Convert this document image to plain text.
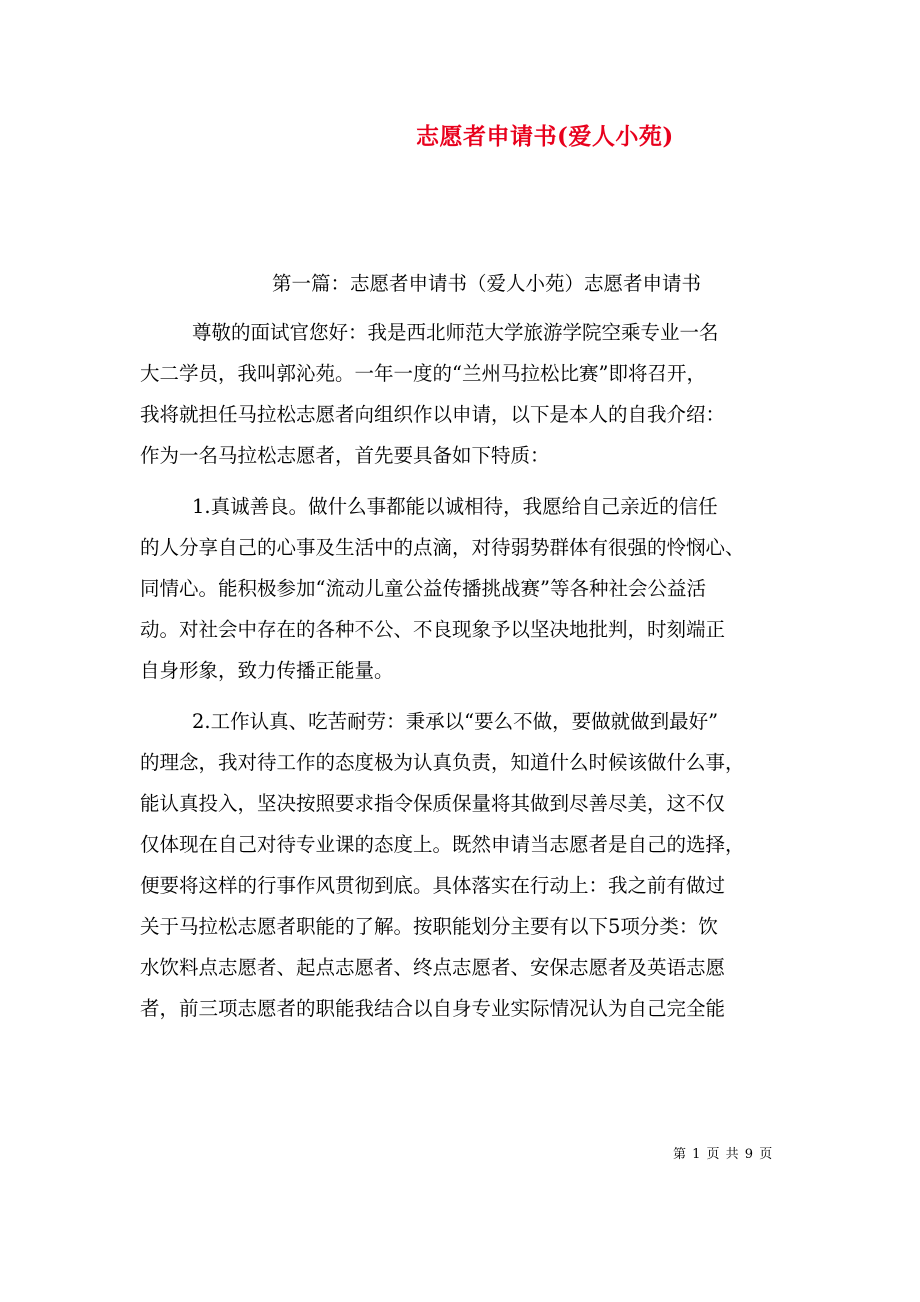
志愿者申请书(爱人小苑)
第一篇：志愿者申请书（爱人小苑）志愿者申请书
尊敬的面试官您好：我是西北师范大学旅游学院空乘专业一名
大二学员，我叫郭沁苑。一年一度的“兰州马拉松比赛”即将召开，
我将就担任马拉松志愿者向组织作以申请，以下是本人的自我介绍：
作为一名马拉松志愿者，首先要具备如下特质：
1.真诚善良。做什么事都能以诚相待，我愿给自己亲近的信任
的人分享自己的心事及生活中的点滴，对待弱势群体有很强的怜悯心、
同情心。能积极参加“流动儿童公益传播挑战赛”等各种社会公益活
动。对社会中存在的各种不公、不良现象予以坚决地批判，时刻端正
自身形象，致力传播正能量。
2.工作认真、吃苦耐劳：秉承以“要么不做，要做就做到最好”
的理念，我对待工作的态度极为认真负责，知道什么时候该做什么事，
能认真投入，坚决按照要求指令保质保量将其做到尽善尽美，这不仅
仅体现在自己对待专业课的态度上。既然申请当志愿者是自己的选择，
便要将这样的行事作风贯彻到底。具体落实在行动上：我之前有做过
关于马拉松志愿者职能的了解。按职能划分主要有以下5项分类：饮
水饮料点志愿者、起点志愿者、终点志愿者、安保志愿者及英语志愿
者，前三项志愿者的职能我结合以自身专业实际情况认为自己完全能
第 1 页 共 9 页
